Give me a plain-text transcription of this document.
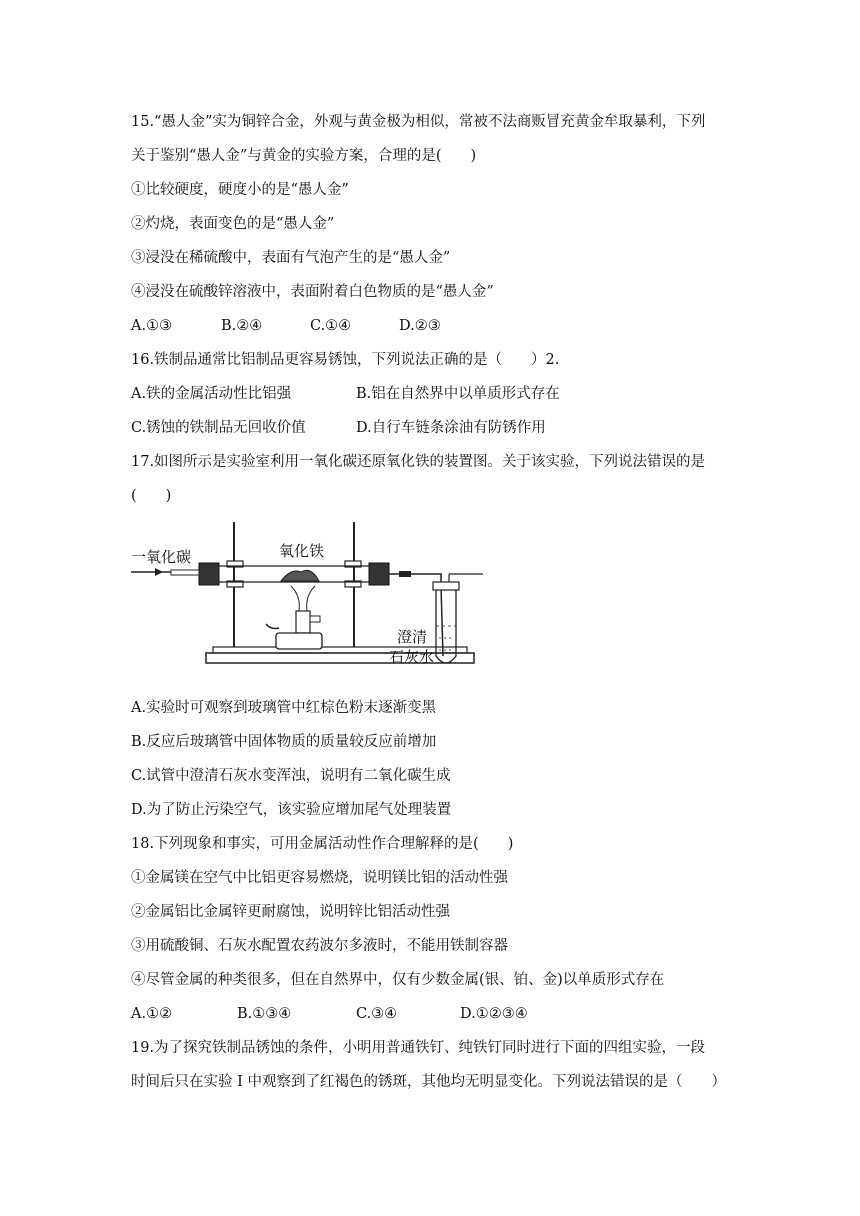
15.“愚人金”实为铜锌合金，外观与黄金极为相似，常被不法商贩冒充黄金牟取暴利，下列
关于鉴别“愚人金”与黄金的实验方案，合理的是(　　)
①比较硬度，硬度小的是“愚人金”
②灼烧，表面变色的是“愚人金”
③浸没在稀硫酸中，表面有气泡产生的是“愚人金”
④浸没在硫酸锌溶液中，表面附着白色物质的是“愚人金”
A.①③	B.②④	C.①④	D.②③
16.铁制品通常比铝制品更容易锈蚀，下列说法正确的是（　　）2.
A.铁的金属活动性比铝强	B.铝在自然界中以单质形式存在
C.锈蚀的铁制品无回收价值	D.自行车链条涂油有防锈作用
17.如图所示是实验室利用一氧化碳还原氧化铁的装置图。关于该实验，下列说法错误的是
(　　)
一氧化碳	氧化铁
澄清
石灰水
A.实验时可观察到玻璃管中红棕色粉末逐渐变黑
B.反应后玻璃管中固体物质的质量较反应前增加
C.试管中澄清石灰水变浑浊，说明有二氧化碳生成
D.为了防止污染空气，该实验应增加尾气处理装置
18.下列现象和事实，可用金属活动性作合理解释的是(　　)
①金属镁在空气中比铝更容易燃烧，说明镁比铝的活动性强
②金属铝比金属锌更耐腐蚀，说明锌比铝活动性强
③用硫酸铜、石灰水配置农药波尔多液时，不能用铁制容器
④尽管金属的种类很多，但在自然界中，仅有少数金属(银、铂、金)以单质形式存在
A.①②	B.①③④	C.③④	D.①②③④
19.为了探究铁制品锈蚀的条件，小明用普通铁钉、纯铁钉同时进行下面的四组实验，一段
时间后只在实验 I 中观察到了红褐色的锈斑，其他均无明显变化。下列说法错误的是（　　）
